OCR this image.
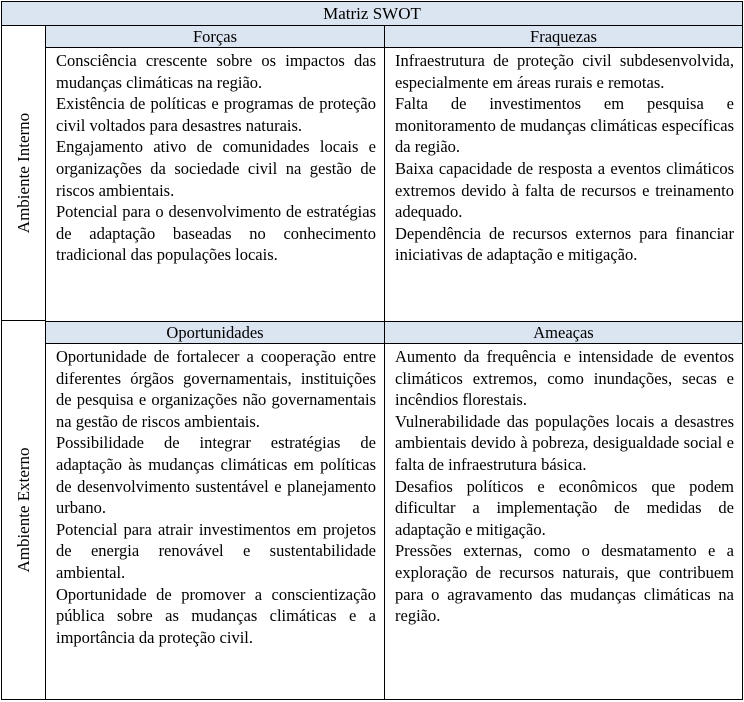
Matriz SWOT
Ambiente Interno
Ambiente Externo
Forças	Fraquezas
Oportunidades	Ameaças

Consciência crescente sobre os impactos das mudanças climáticas na região.

Existência de políticas e programas de proteção civil voltados para desastres naturais.

Engajamento ativo de comunidades locais e organizações da sociedade civil na gestão de riscos ambientais.

Potencial para o desenvolvimento de estratégias de adaptação baseadas no conhecimento tradicional das populações locais.

Infraestrutura de proteção civil subdesenvolvida, especialmente em áreas rurais e remotas.

Falta de investimentos em pesquisa e monitoramento de mudanças climáticas específicas da região.

Baixa capacidade de resposta a eventos climáticos extremos devido à falta de recursos e treinamento adequado.

Dependência de recursos externos para financiar iniciativas de adaptação e mitigação.

Oportunidade de fortalecer a cooperação entre diferentes órgãos governamentais, instituições de pesquisa e organizações não governamentais na gestão de riscos ambientais.

Possibilidade de integrar estratégias de adaptação às mudanças climáticas em políticas de desenvolvimento sustentável e planejamento urbano.

Potencial para atrair investimentos em projetos de energia renovável e sustentabilidade ambiental.

Oportunidade de promover a conscientização pública sobre as mudanças climáticas e a importância da proteção civil.

Aumento da frequência e intensidade de eventos climáticos extremos, como inundações, secas e incêndios florestais.

Vulnerabilidade das populações locais a desastres ambientais devido à pobreza, desigualdade social e falta de infraestrutura básica.

Desafios políticos e econômicos que podem dificultar a implementação de medidas de adaptação e mitigação.

Pressões externas, como o desmatamento e a exploração de recursos naturais, que contribuem para o agravamento das mudanças climáticas na região.
